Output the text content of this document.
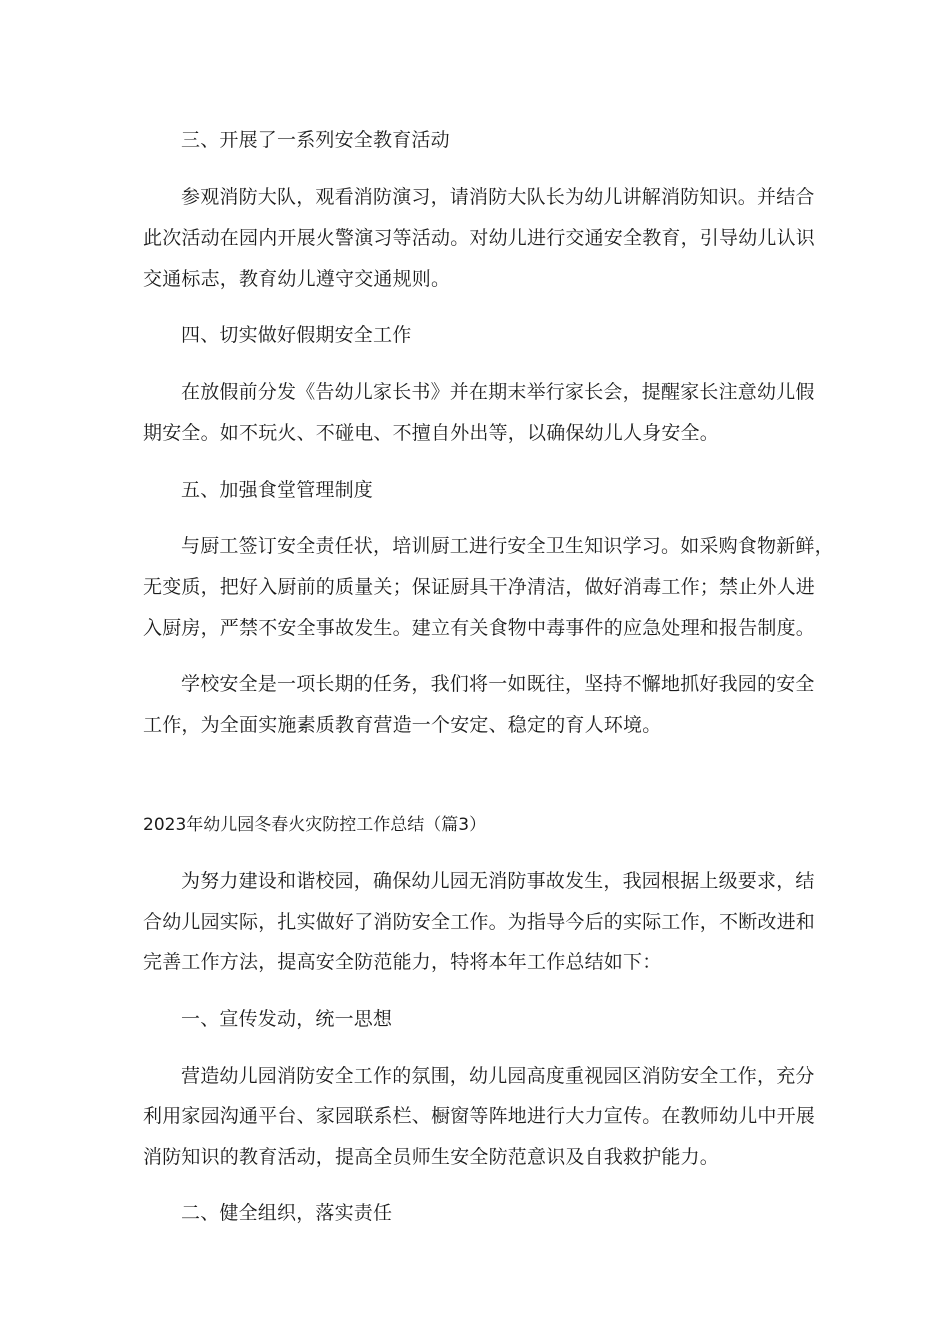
三、开展了一系列安全教育活动
参观消防大队，观看消防演习，请消防大队长为幼儿讲解消防知识。并结合
此次活动在园内开展火警演习等活动。对幼儿进行交通安全教育，引导幼儿认识
交通标志，教育幼儿遵守交通规则。
四、切实做好假期安全工作
在放假前分发《告幼儿家长书》并在期末举行家长会，提醒家长注意幼儿假
期安全。如不玩火、不碰电、不擅自外出等，以确保幼儿人身安全。
五、加强食堂管理制度
与厨工签订安全责任状，培训厨工进行安全卫生知识学习。如采购食物新鲜，
无变质，把好入厨前的质量关；保证厨具干净清洁，做好消毒工作；禁止外人进
入厨房，严禁不安全事故发生。建立有关食物中毒事件的应急处理和报告制度。
学校安全是一项长期的任务，我们将一如既往，坚持不懈地抓好我园的安全
工作，为全面实施素质教育营造一个安定、稳定的育人环境。
2023年幼儿园冬春火灾防控工作总结（篇3）
为努力建设和谐校园，确保幼儿园无消防事故发生，我园根据上级要求，结
合幼儿园实际，扎实做好了消防安全工作。为指导今后的实际工作，不断改进和
完善工作方法，提高安全防范能力，特将本年工作总结如下：
一、宣传发动，统一思想
营造幼儿园消防安全工作的氛围，幼儿园高度重视园区消防安全工作，充分
利用家园沟通平台、家园联系栏、橱窗等阵地进行大力宣传。在教师幼儿中开展
消防知识的教育活动，提高全员师生安全防范意识及自我救护能力。
二、健全组织，落实责任
